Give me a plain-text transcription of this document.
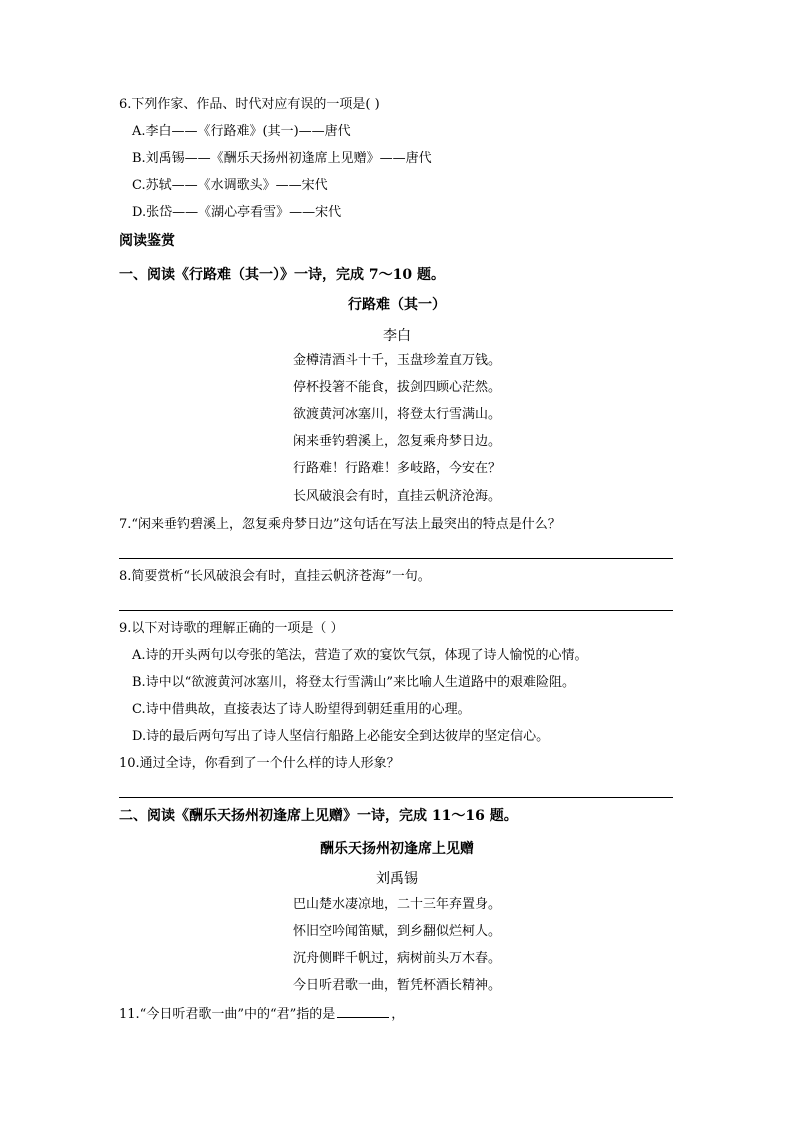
6.下列作家、作品、时代对应有误的一项是( )
A.李白——《行路难》(其一)——唐代
B.刘禹锡——《酬乐天扬州初逢席上见赠》——唐代
C.苏轼——《水调歌头》——宋代
D.张岱——《湖心亭看雪》——宋代
阅读鉴赏
一、阅读《行路难（其一）》一诗，完成 7～10 题。
行路难（其一）
李白
金樽清酒斗十千，玉盘珍羞直万钱。
停杯投箸不能食，拔剑四顾心茫然。
欲渡黄河冰塞川，将登太行雪满山。
闲来垂钓碧溪上，忽复乘舟梦日边。
行路难！行路难！多岐路，今安在？
长风破浪会有时，直挂云帆济沧海。
7.“闲来垂钓碧溪上，忽复乘舟梦日边”这句话在写法上最突出的特点是什么？
8.简要赏析“长风破浪会有时，直挂云帆济苍海”一句。
9.以下对诗歌的理解正确的一项是（ ）
A.诗的开头两句以夸张的笔法，营造了欢的宴饮气氛，体现了诗人愉悦的心情。
B.诗中以“欲渡黄河冰塞川，将登太行雪满山”来比喻人生道路中的艰难险阻。
C.诗中借典故，直接表达了诗人盼望得到朝廷重用的心理。
D.诗的最后两句写出了诗人坚信行船路上必能安全到达彼岸的坚定信心。
10.通过全诗，你看到了一个什么样的诗人形象？
二、阅读《酬乐天扬州初逢席上见赠》一诗，完成 11～16 题。
酬乐天扬州初逢席上见赠
刘禹锡
巴山楚水凄凉地，二十三年弃置身。
怀旧空吟闻笛赋，到乡翻似烂柯人。
沉舟侧畔千帆过，病树前头万木春。
今日听君歌一曲，暂凭杯酒长精神。
11.“今日听君歌一曲”中的“君”指的是	，
